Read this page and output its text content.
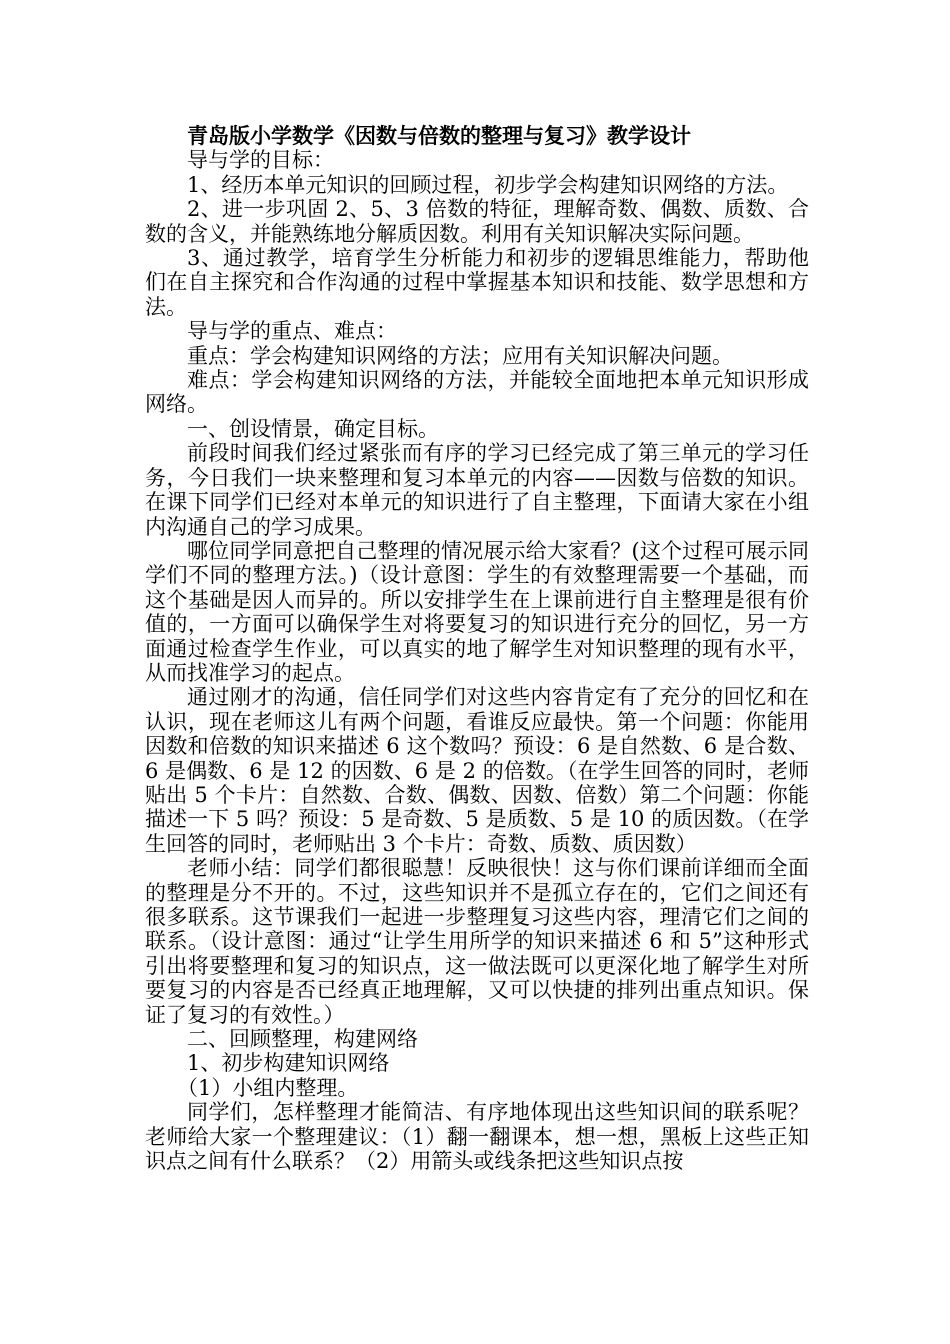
青岛版小学数学《因数与倍数的整理与复习》教学设计

导与学的目标：

1、经历本单元知识的回顾过程，初步学会构建知识网络的方法。

2、进一步巩固 2、5、3 倍数的特征，理解奇数、偶数、质数、合数的含义，并能熟练地分解质因数。利用有关知识解决实际问题。

3、通过教学，培育学生分析能力和初步的逻辑思维能力，帮助他们在自主探究和合作沟通的过程中掌握基本知识和技能、数学思想和方法。

导与学的重点、难点：

重点：学会构建知识网络的方法；应用有关知识解决问题。

难点：学会构建知识网络的方法，并能较全面地把本单元知识形成网络。

一、创设情景，确定目标。

前段时间我们经过紧张而有序的学习已经完成了第三单元的学习任务，今日我们一块来整理和复习本单元的内容——因数与倍数的知识。在课下同学们已经对本单元的知识进行了自主整理，下面请大家在小组内沟通自己的学习成果。

哪位同学同意把自己整理的情况展示给大家看？(这个过程可展示同学们不同的整理方法。)（设计意图：学生的有效整理需要一个基础，而这个基础是因人而异的。所以安排学生在上课前进行自主整理是很有价值的，一方面可以确保学生对将要复习的知识进行充分的回忆，另一方面通过检查学生作业，可以真实的地了解学生对知识整理的现有水平，从而找准学习的起点。

通过刚才的沟通，信任同学们对这些内容肯定有了充分的回忆和在认识，现在老师这儿有两个问题，看谁反应最快。第一个问题：你能用因数和倍数的知识来描述 6 这个数吗？预设：6 是自然数、6 是合数、6 是偶数、6 是 12 的因数、6 是 2 的倍数。（在学生回答的同时，老师贴出 5 个卡片：自然数、合数、偶数、因数、倍数）第二个问题：你能描述一下 5 吗？预设：5 是奇数、5 是质数、5 是 10 的质因数。（在学生回答的同时，老师贴出 3 个卡片：奇数、质数、质因数）

老师小结：同学们都很聪慧！反映很快！这与你们课前详细而全面的整理是分不开的。不过，这些知识并不是孤立存在的，它们之间还有很多联系。这节课我们一起进一步整理复习这些内容，理清它们之间的联系。（设计意图：通过“让学生用所学的知识来描述 6 和 5”这种形式引出将要整理和复习的知识点，这一做法既可以更深化地了解学生对所要复习的内容是否已经真正地理解，又可以快捷的排列出重点知识。保证了复习的有效性。）

二、回顾整理，构建网络

1、初步构建知识网络

（1）小组内整理。

同学们，怎样整理才能简洁、有序地体现出这些知识间的联系呢？老师给大家一个整理建议：（1）翻一翻课本，想一想，黑板上这些正知识点之间有什么联系？（2）用箭头或线条把这些知识点按
